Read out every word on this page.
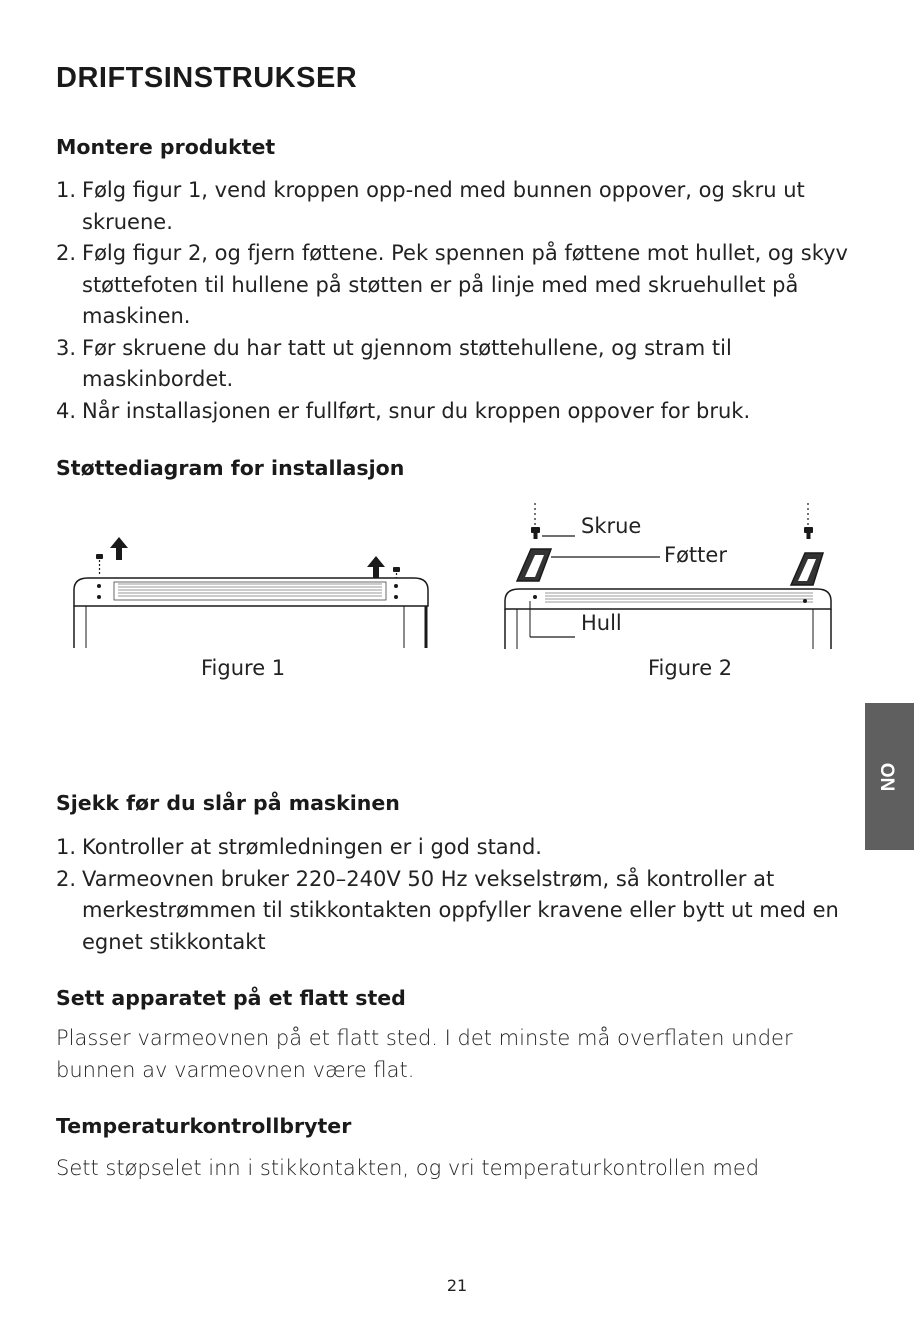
DRIFTSINSTRUKSER
Montere produktet
1. Følg figur 1, vend kroppen opp-ned med bunnen oppover, og skru ut skruene.
2. Følg figur 2, og fjern føttene. Pek spennen på føttene mot hullet, og skyv støttefoten til hullene på støtten er på linje med med skruehullet på maskinen.
3. Før skruene du har tatt ut gjennom støttehullene, og stram til maskinbordet.
4. Når installasjonen er fullført, snur du kroppen oppover for bruk.
Støttediagram for installasjon
Figure 1
Skrue
Føtter
Hull
Figure 2
NO
Sjekk før du slår på maskinen
1. Kontroller at strømledningen er i god stand.
2. Varmeovnen bruker 220–240V 50 Hz vekselstrøm, så kontroller at merkestrømmen til stikkontakten oppfyller kravene eller bytt ut med en egnet stikkontakt
Sett apparatet på et flatt sted

Plasser varmeovnen på et flatt sted. I det minste må overflaten under bunnen av varmeovnen være flat.

Temperaturkontrollbryter

Sett støpselet inn i stikkontakten, og vri temperaturkontrollen med

21
